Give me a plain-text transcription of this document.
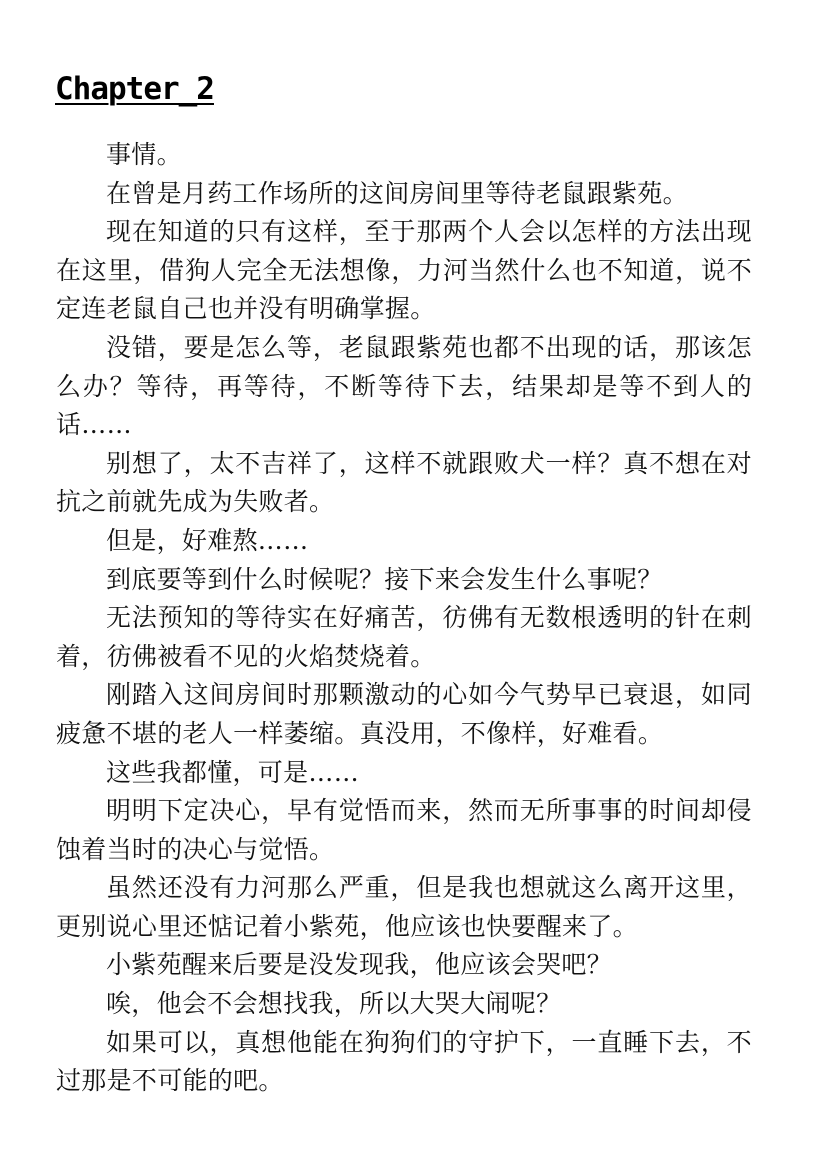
Chapter_2

事情。

在曾是月药工作场所的这间房间里等待老鼠跟紫苑。

现在知道的只有这样，至于那两个人会以怎样的方法出现在这里，借狗人完全无法想像，力河当然什么也不知道，说不定连老鼠自己也并没有明确掌握。

没错，要是怎么等，老鼠跟紫苑也都不出现的话，那该怎么办？等待，再等待，不断等待下去，结果却是等不到人的话……

别想了，太不吉祥了，这样不就跟败犬一样？真不想在对抗之前就先成为失败者。

但是，好难熬……

到底要等到什么时候呢？接下来会发生什么事呢？

无法预知的等待实在好痛苦，彷佛有无数根透明的针在刺着，彷佛被看不见的火焰焚烧着。

刚踏入这间房间时那颗激动的心如今气势早已衰退，如同疲惫不堪的老人一样萎缩。真没用，不像样，好难看。

这些我都懂，可是……

明明下定决心，早有觉悟而来，然而无所事事的时间却侵蚀着当时的决心与觉悟。

虽然还没有力河那么严重，但是我也想就这么离开这里，更别说心里还惦记着小紫苑，他应该也快要醒来了。

小紫苑醒来后要是没发现我，他应该会哭吧？

唉，他会不会想找我，所以大哭大闹呢？

如果可以，真想他能在狗狗们的守护下，一直睡下去，不过那是不可能的吧。
